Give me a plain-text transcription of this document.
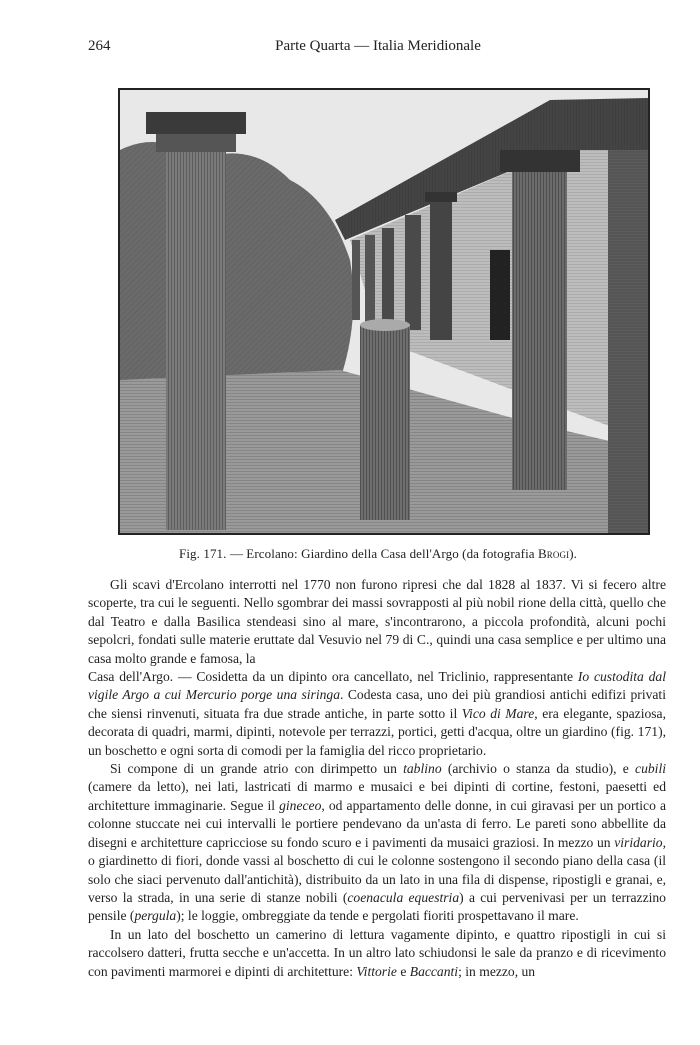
264	Parte Quarta — Italia Meridionale
Fig. 171. — Ercolano: Giardino della Casa dell'Argo (da fotografia Brogi).

Gli scavi d'Ercolano interrotti nel 1770 non furono ripresi che dal 1828 al 1837. Vi si fecero altre scoperte, tra cui le seguenti. Nello sgombrar dei massi sovrapposti al più nobil rione della città, quello che dal Teatro e dalla Basilica stendeasi sino al mare, s'incontrarono, a piccola profondità, alcuni pochi sepolcri, fondati sulle materie eruttate dal Vesuvio nel 79 di C., quindi una casa semplice e per ultimo una casa molto grande e famosa, la

Casa dell'Argo. — Cosidetta da un dipinto ora cancellato, nel Triclinio, rappresentante Io custodita dal vigile Argo a cui Mercurio porge una siringa. Codesta casa, uno dei più grandiosi antichi edifizi privati che siensi rinvenuti, situata fra due strade antiche, in parte sotto il Vico di Mare, era elegante, spaziosa, decorata di quadri, marmi, dipinti, notevole per terrazzi, portici, getti d'acqua, oltre un giardino (fig. 171), un boschetto e ogni sorta di comodi per la famiglia del ricco proprietario.

Si compone di un grande atrio con dirimpetto un tablino (archivio o stanza da studio), e cubili (camere da letto), nei lati, lastricati di marmo e musaici e bei dipinti di cortine, festoni, paesetti ed architetture immaginarie. Segue il gineceo, od appartamento delle donne, in cui giravasi per un portico a colonne stuccate nei cui intervalli le portiere pendevano da un'asta di ferro. Le pareti sono abbellite da disegni e architetture capricciose su fondo scuro e i pavimenti da musaici graziosi. In mezzo un viridario, o giardinetto di fiori, donde vassi al boschetto di cui le colonne sostengono il secondo piano della casa (il solo che siaci pervenuto dall'antichità), distribuito da un lato in una fila di dispense, ripostigli e granai, e, verso la strada, in una serie di stanze nobili (coenacula equestria) a cui pervenivasi per un terrazzino pensile (pergula); le loggie, ombreggiate da tende e pergolati fioriti prospettavano il mare.

In un lato del boschetto un camerino di lettura vagamente dipinto, e quattro ripostigli in cui si raccolsero datteri, frutta secche e un'accetta. In un altro lato schiudonsi le sale da pranzo e di ricevimento con pavimenti marmorei e dipinti di architetture: Vittorie e Baccanti; in mezzo, un
